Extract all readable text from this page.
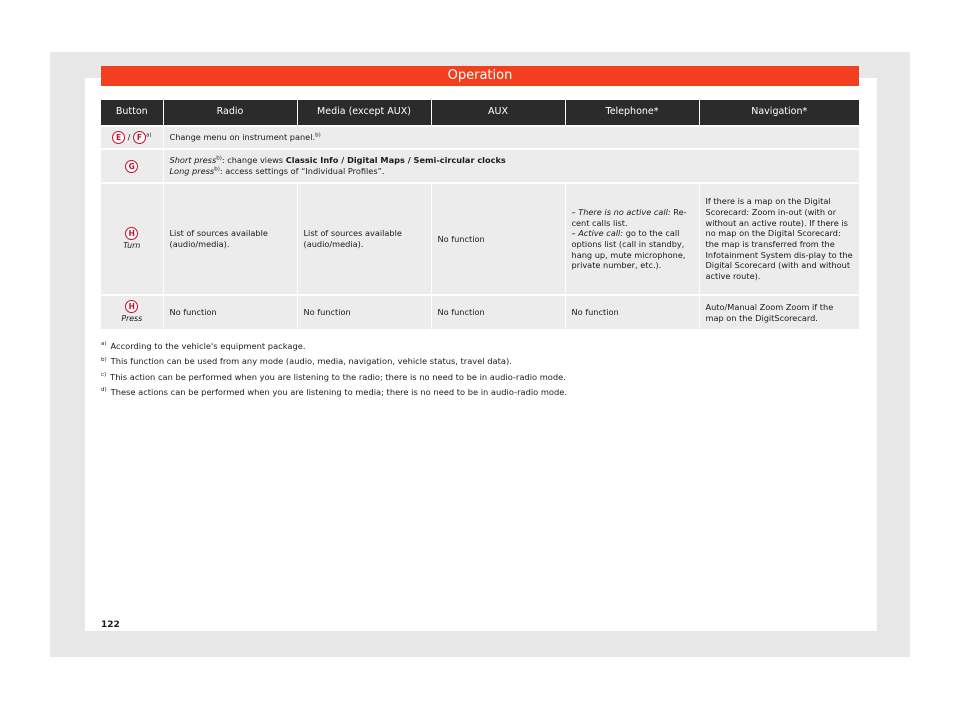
Operation
Button	Radio	Media (except AUX)	AUX	Telephone*	Navigation*
E / F $^{a)}$	Change menu on instrument panel.$^{b)}$
G	Short press$^{b)}$: change views Classic Info / Digital Maps / Semi-circular clocks
Long press$^{b)}$: access settings of “Individual Profiles”.				
H
Turn	List of sources available (audio/media).	List of sources available (audio/media).	No function	– There is no active call: Re-cent calls list.
– Active call: go to the call options list (call in standby, hang up, mute microphone, private number, etc.).	If there is a map on the Digital Scorecard: Zoom in-out (with or without an active route). If there is no map on the Digital Scorecard: the map is transferred from the Infotainment System dis-play to the Digital Scorecard (with and without active route).
H
Press	No function	No function	No function	No function	Auto/Manual Zoom Zoom if the map on the DigitScorecard.
$^{a)}$ According to the vehicle's equipment package.
$^{b)}$ This function can be used from any mode (audio, media, navigation, vehicle status, travel data).
$^{c)}$ This action can be performed when you are listening to the radio; there is no need to be in audio-radio mode.
$^{d)}$ These actions can be performed when you are listening to media; there is no need to be in audio-radio mode.
122
